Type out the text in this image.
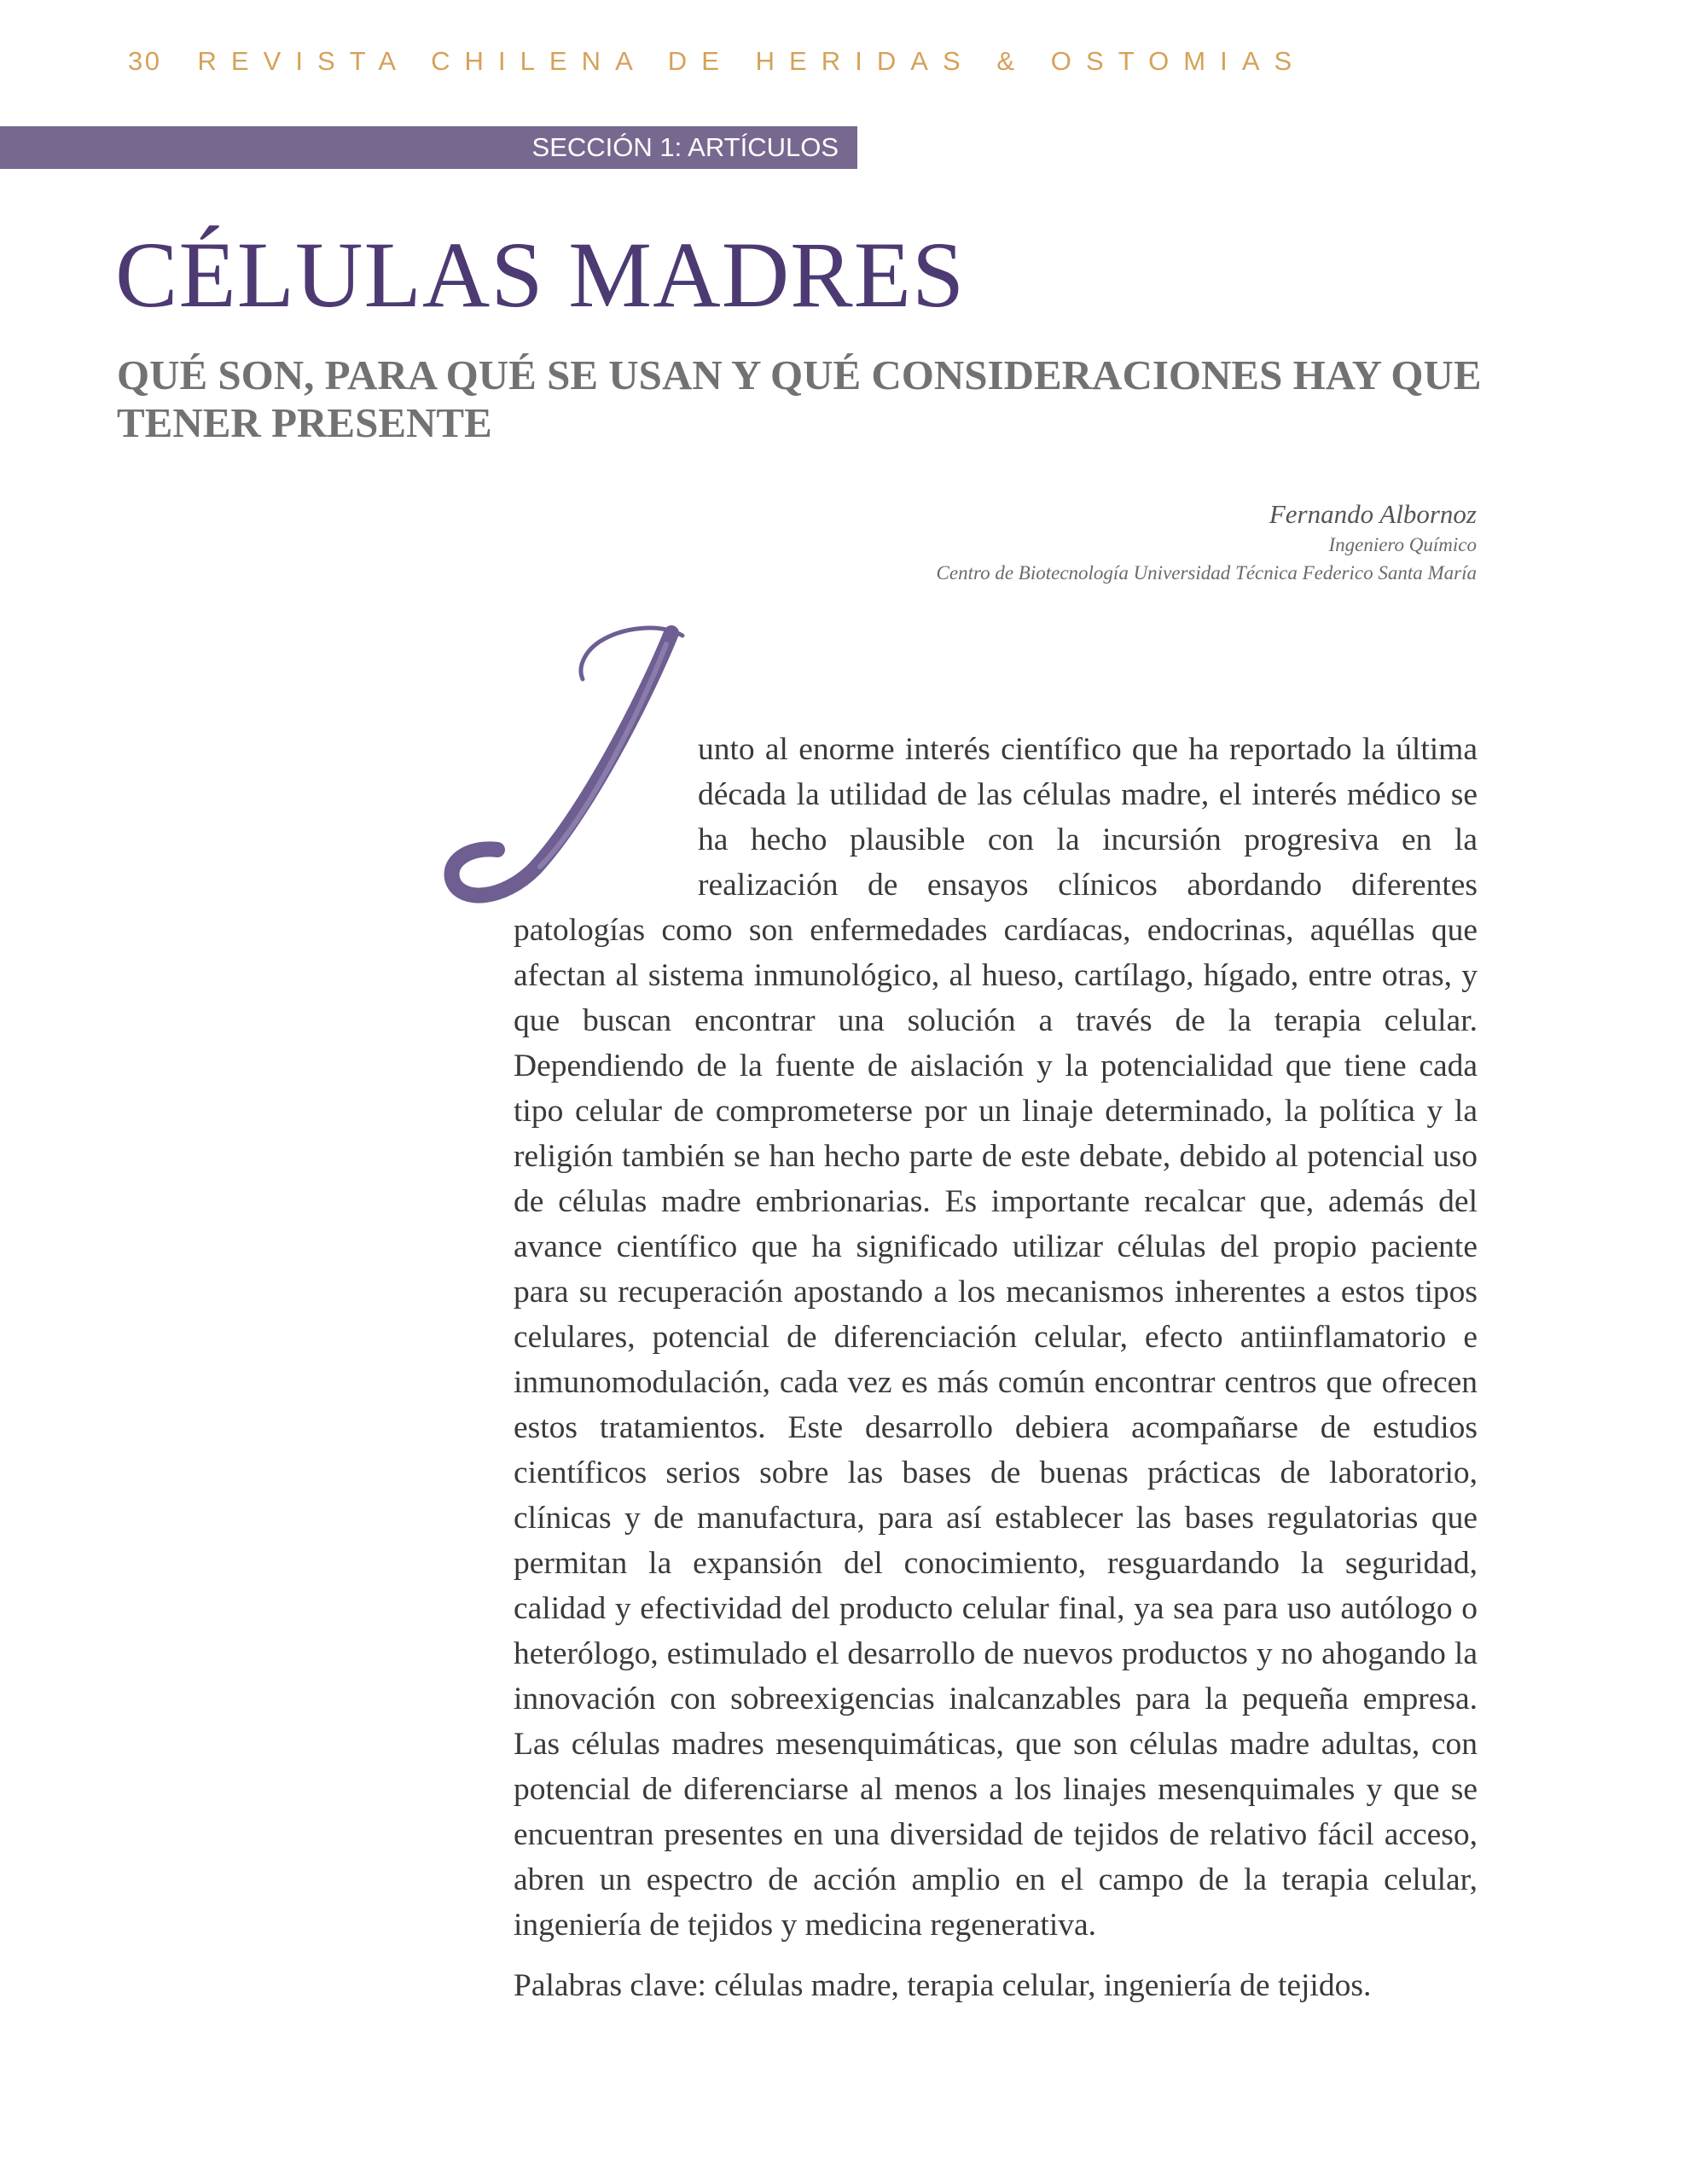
30 REVISTA CHILENA DE HERIDAS & OSTOMIAS
SECCIÓN 1: ARTÍCULOS
CÉLULAS MADRES
QUÉ SON, PARA QUÉ SE USAN Y QUÉ CONSIDERACIONES HAY QUE TENER PRESENTE
Fernando Albornoz
Ingeniero Químico
Centro de Biotecnología Universidad Técnica Federico Santa María
unto al enorme interés científico que ha reportado la última década la utilidad de las células madre, el interés médico se ha hecho plausible con la incursión progresiva en la realización de ensayos clínicos abordando diferentes patologías como son enfermedades cardíacas, endocrinas, aquéllas que afectan al sistema inmunológico, al hueso, cartílago, hígado, entre otras, y que buscan encontrar una solución a través de la terapia celular. Dependiendo de la fuente de aislación y la potencialidad que tiene cada tipo celular de comprometerse por un linaje determinado, la política y la religión también se han hecho parte de este debate, debido al potencial uso de células madre embrionarias. Es importante recalcar que, además del avance científico que ha significado utilizar células del propio paciente para su recuperación apostando a los mecanismos inherentes a estos tipos celulares, potencial de diferenciación celular, efecto antiinflamatorio e inmunomodulación, cada vez es más común encontrar centros que ofrecen estos tratamientos. Este desarrollo debiera acompañarse de estudios científicos serios sobre las bases de buenas prácticas de laboratorio, clínicas y de manufactura, para así establecer las bases regulatorias que permitan la expansión del conocimiento, resguardando la seguridad, calidad y efectividad del producto celular final, ya sea para uso autólogo o heterólogo, estimulado el desarrollo de nuevos productos y no ahogando la innovación con sobreexigencias inalcanzables para la pequeña empresa. Las células madres mesenquimáticas, que son células madre adultas, con potencial de diferenciarse al menos a los linajes mesenquimales y que se encuentran presentes en una diversidad de tejidos de relativo fácil acceso, abren un espectro de acción amplio en el campo de la terapia celular, ingeniería de tejidos y medicina regenerativa.

Palabras clave: células madre, terapia celular, ingeniería de tejidos.
